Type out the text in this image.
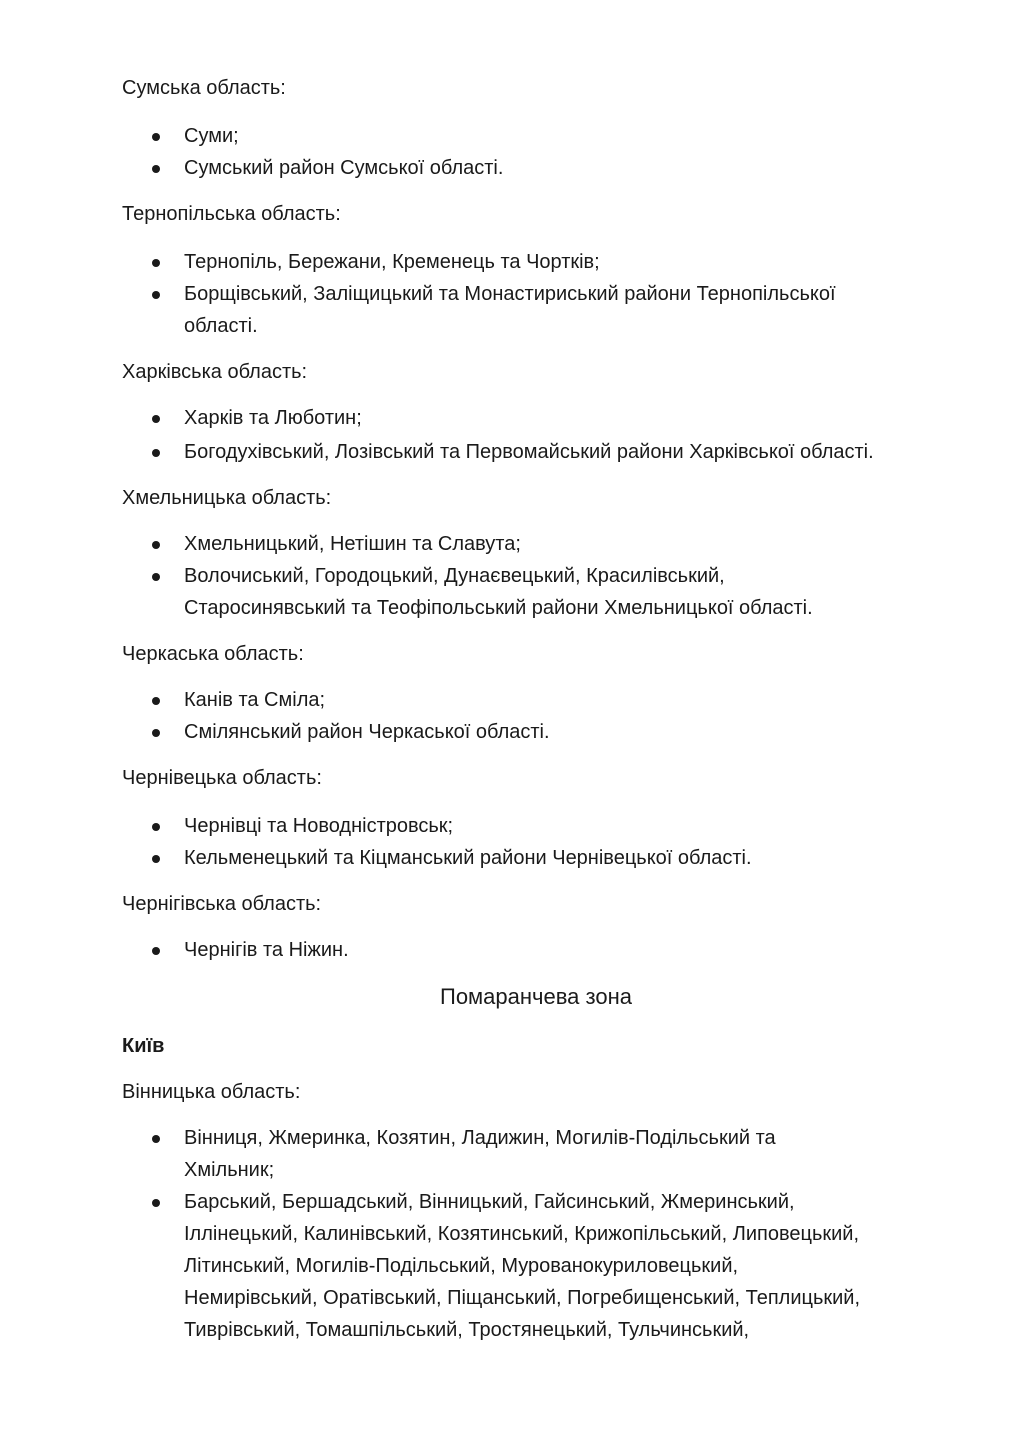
Сумська область:
Суми;
Сумський район Сумської області.
Тернопільська область:
Тернопіль, Бережани, Кременець та Чортків;
Борщівський, Заліщицький та Монастириський райони Тернопільської
області.
Харківська область:
Харків та Люботин;
Богодухівський, Лозівський та Первомайський райони Харківської області.
Хмельницька область:
Хмельницький, Нетішин та Славута;
Волочиський, Городоцький, Дунаєвецький, Красилівський,
Старосинявський та Теофіпольський райони Хмельницької області.
Черкаська область:
Канів та Сміла;
Смілянський район Черкаської області.
Чернівецька область:
Чернівці та Новодністровськ;
Кельменецький та Кіцманський райони Чернівецької області.
Чернігівська область:
Чернігів та Ніжин.
Помаранчева зона
Київ
Вінницька область:
Вінниця, Жмеринка, Козятин, Ладижин, Могилів-Подільський та
Хмільник;
Барський, Бершадський, Вінницький, Гайсинський, Жмеринський,
Іллінецький, Калинівський, Козятинський, Крижопільський, Липовецький,
Літинський, Могилів-Подільський, Мурованокуриловецький,
Немирівський, Оратівський, Піщанський, Погребищенський, Теплицький,
Тиврівський, Томашпільський, Тростянецький, Тульчинський,
